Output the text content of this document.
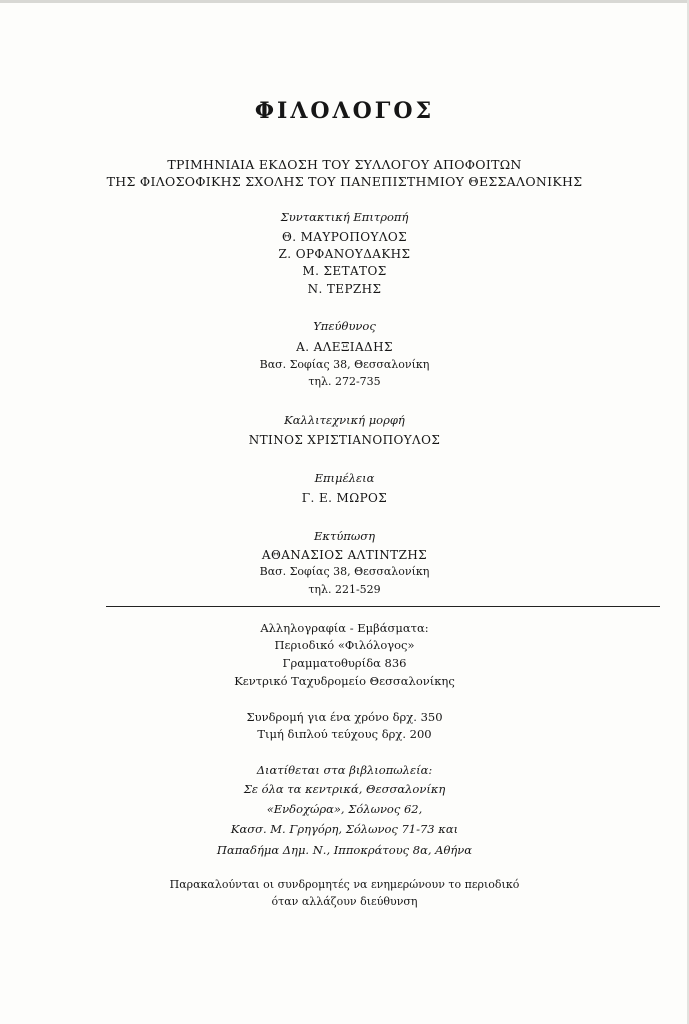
ΦΙΛΟΛΟΓΟΣ
ΤΡΙΜΗΝΙΑΙΑ ΕΚΔΟΣΗ ΤΟΥ ΣΥΛΛΟΓΟΥ ΑΠΟΦΟΙΤΩΝ
ΤΗΣ ΦΙΛΟΣΟΦΙΚΗΣ ΣΧΟΛΗΣ ΤΟΥ ΠΑΝΕΠΙΣΤΗΜΙΟΥ ΘΕΣΣΑΛΟΝΙΚΗΣ
Συντακτική Επιτροπή
Θ. ΜΑΥΡΟΠΟΥΛΟΣ
Ζ. ΟΡΦΑΝΟΥΔΑΚΗΣ
Μ. ΣΕΤΑΤΟΣ
Ν. ΤΕΡΖΗΣ
Υπεύθυνος
Α. ΑΛΕΞΙΑΔΗΣ
Βασ. Σοφίας 38, Θεσσαλονίκη
τηλ. 272-735
Καλλιτεχνική μορφή
ΝΤΙΝΟΣ ΧΡΙΣΤΙΑΝΟΠΟΥΛΟΣ
Επιμέλεια
Γ. Ε. ΜΩΡΟΣ
Εκτύπωση
ΑΘΑΝΑΣΙΟΣ ΑΛΤΙΝΤΖΗΣ
Βασ. Σοφίας 38, Θεσσαλονίκη
τηλ. 221-529
Αλληλογραφία - Εμβάσματα:
Περιοδικό «Φιλόλογος»
Γραμματοθυρίδα 836
Κεντρικό Ταχυδρομείο Θεσσαλονίκης
Συνδρομή για ένα χρόνο δρχ. 350
Τιμή διπλού τεύχους δρχ. 200
Διατίθεται στα βιβλιοπωλεία:
Σε όλα τα κεντρικά, Θεσσαλονίκη
«Ενδοχώρα», Σόλωνος 62,
Κασσ. Μ. Γρηγόρη, Σόλωνος 71-73 και
Παπαδήμα Δημ. Ν., Ιπποκράτους 8α, Αθήνα
Παρακαλούνται οι συνδρομητές να ενημερώνουν το περιοδικό
όταν αλλάζουν διεύθυνση
